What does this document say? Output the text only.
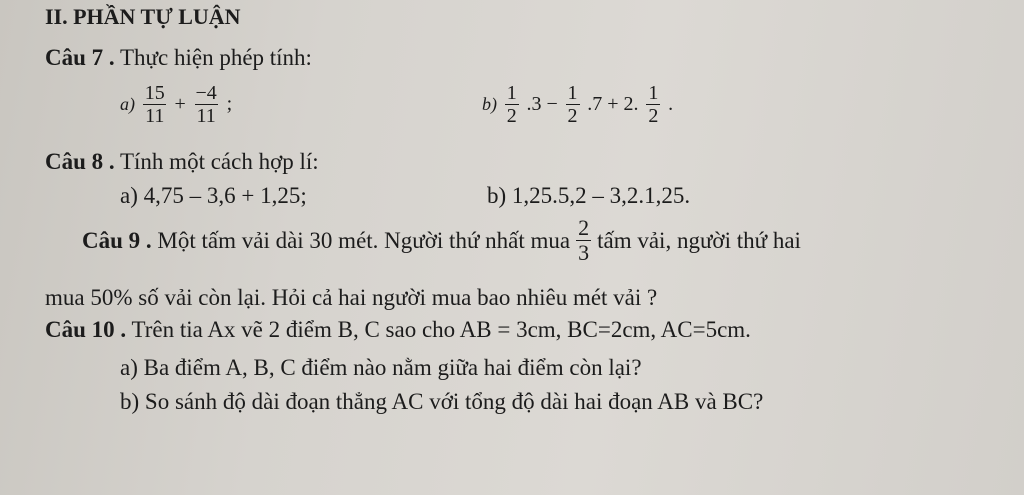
II. PHẦN TỰ LUẬN
Câu 7 . Thực hiện phép tính:
$a) \frac{15}{11} + \frac{-4}{11}$ ;	$b) \frac{1}{2} .3 - \frac{1}{2} .7 + 2$. $\frac{1}{2}$ .
Câu 8 . Tính một cách hợp lí:
a) 4,75 – 3,6 + 1,25;	b) 1,25.5,2 – 3,2.1,25.
Câu 9 . Một tấm vải dài 30 mét. Người thứ nhất mua $\frac{2}{3}$ tấm vải, người thứ hai
mua 50% số vải còn lại. Hỏi cả hai người mua bao nhiêu mét vải ?
Câu 10 . Trên tia Ax vẽ 2 điểm B, C sao cho AB = 3cm, BC=2cm, AC=5cm.
a) Ba điểm A, B, C điểm nào nằm giữa hai điểm còn lại?
b) So sánh độ dài đoạn thẳng AC với tổng độ dài hai đoạn AB và BC?
